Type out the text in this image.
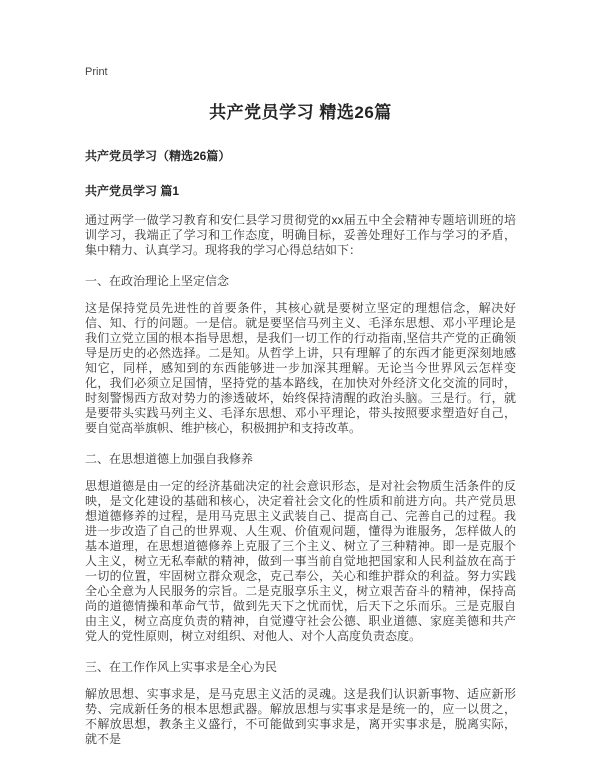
Print
共产党员学习 精选26篇
共产党员学习（精选26篇）
共产党员学习 篇1

通过两学一做学习教育和安仁县学习贯彻党的xx届五中全会精神专题培训班的培训学习，我端正了学习和工作态度，明确目标，妥善处理好工作与学习的矛盾，集中精力、认真学习。现将我的学习心得总结如下：

一、在政治理论上坚定信念

这是保持党员先进性的首要条件，其核心就是要树立坚定的理想信念，解决好信、知、行的问题。一是信。就是要坚信马列主义、毛泽东思想、邓小平理论是我们立党立国的根本指导思想，是我们一切工作的行动指南,坚信共产党的正确领导是历史的必然选择。二是知。从哲学上讲，只有理解了的东西才能更深刻地感知它，同样，感知到的东西能够进一步加深其理解。无论当今世界风云怎样变化，我们必须立足国情，坚持党的基本路线，在加快对外经济文化交流的同时，时刻警惕西方敌对势力的渗透破坏，始终保持清醒的政治头脑。三是行。行，就是要带头实践马列主义、毛泽东思想、邓小平理论，带头按照要求塑造好自己，要自觉高举旗帜、维护核心，积极拥护和支持改革。

二、在思想道德上加强自我修养

思想道德是由一定的经济基础决定的社会意识形态，是对社会物质生活条件的反映，是文化建设的基础和核心，决定着社会文化的性质和前进方向。共产党员思想道德修养的过程，是用马克思主义武装自己、提高自己、完善自己的过程。我进一步改造了自己的世界观、人生观、价值观问题，懂得为谁服务，怎样做人的基本道理，在思想道德修养上克服了三个主义、树立了三种精神。即一是克服个人主义，树立无私奉献的精神，做到一事当前自觉地把国家和人民利益放在高于一切的位置，牢固树立群众观念，克己奉公，关心和维护群众的利益。努力实践全心全意为人民服务的宗旨。二是克服享乐主义，树立艰苦奋斗的精神，保持高尚的道德情操和革命气节，做到先天下之忧而忧，后天下之乐而乐。三是克服自由主义，树立高度负责的精神，自觉遵守社会公德、职业道德、家庭美德和共产党人的党性原则，树立对组织、对他人、对个人高度负责态度。

三、在工作作风上实事求是全心为民

解放思想、实事求是，是马克思主义活的灵魂。这是我们认识新事物、适应新形势、完成新任务的根本思想武器。解放思想与实事求是是统一的，应一以贯之，不解放思想，教条主义盛行，不可能做到实事求是，离开实事求是，脱离实际，就不是
